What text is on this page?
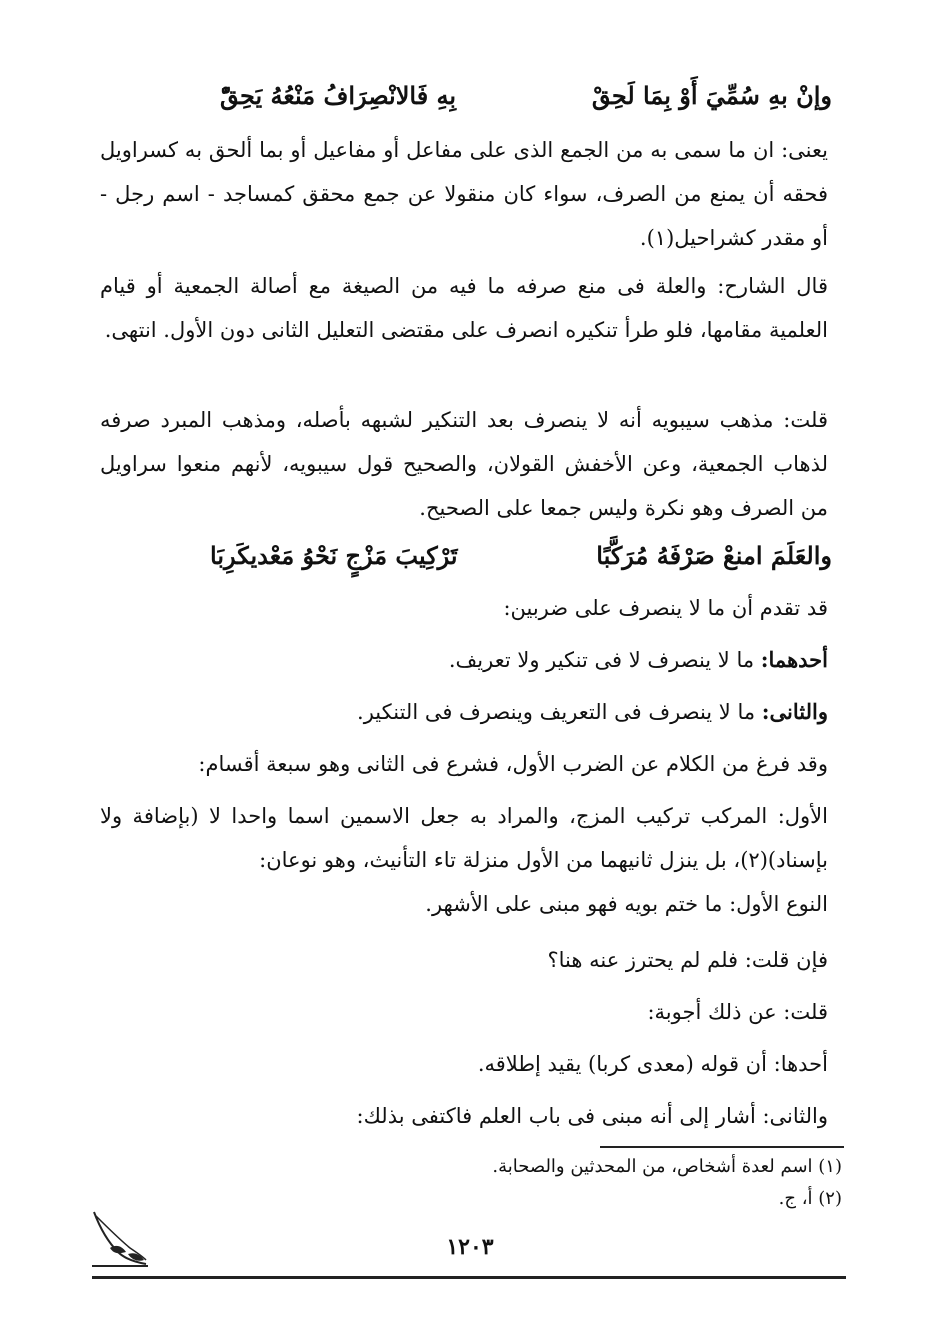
وإنْ بهِ سُمِّيَ أَوْ بِمَا لَحِقْ
بِهِ فَالانْصِرَافُ مَنْعُهُ يَحِقّْ
يعنى: ان ما سمى به من الجمع الذى على مفاعل أو مفاعيل أو بما ألحق به كسراويل فحقه أن يمنع من الصرف، سواء كان منقولا عن جمع محقق كمساجد - اسم رجل - أو مقدر كشراحيل(١).
قال الشارح: والعلة فى منع صرفه ما فيه من الصيغة مع أصالة الجمعية أو قيام العلمية مقامها، فلو طرأ تنكيره انصرف على مقتضى التعليل الثانى دون الأول. انتهى.
قلت: مذهب سيبويه أنه لا ينصرف بعد التنكير لشبهه بأصله، ومذهب المبرد صرفه لذهاب الجمعية، وعن الأخفش القولان، والصحيح قول سيبويه، لأنهم منعوا سراويل من الصرف وهو نكرة وليس جمعا على الصحيح.
والعَلَمَ امنعْ صَرْفَهُ مُرَكَّبًا
تَرْكِيبَ مَزْجٍ نَحْوُ مَعْديكَرِبَا
قد تقدم أن ما لا ينصرف على ضربين:
أحدهما: ما لا ينصرف لا فى تنكير ولا تعريف.
والثانى: ما لا ينصرف فى التعريف وينصرف فى التنكير.
وقد فرغ من الكلام عن الضرب الأول، فشرع فى الثانى وهو سبعة أقسام:
الأول: المركب تركيب المزج، والمراد به جعل الاسمين اسما واحدا لا (بإضافة ولا بإسناد)(٢)، بل ينزل ثانيهما من الأول منزلة تاء التأنيث، وهو نوعان:
النوع الأول: ما ختم بويه فهو مبنى على الأشهر.
فإن قلت: فلم لم يحترز عنه هنا؟
قلت: عن ذلك أجوبة:
أحدها: أن قوله (معدى كربا) يقيد إطلاقه.
والثانى: أشار إلى أنه مبنى فى باب العلم فاكتفى بذلك:
(١) اسم لعدة أشخاص، من المحدثين والصحابة.
(٢) أ، ج.
١٢٠٣
